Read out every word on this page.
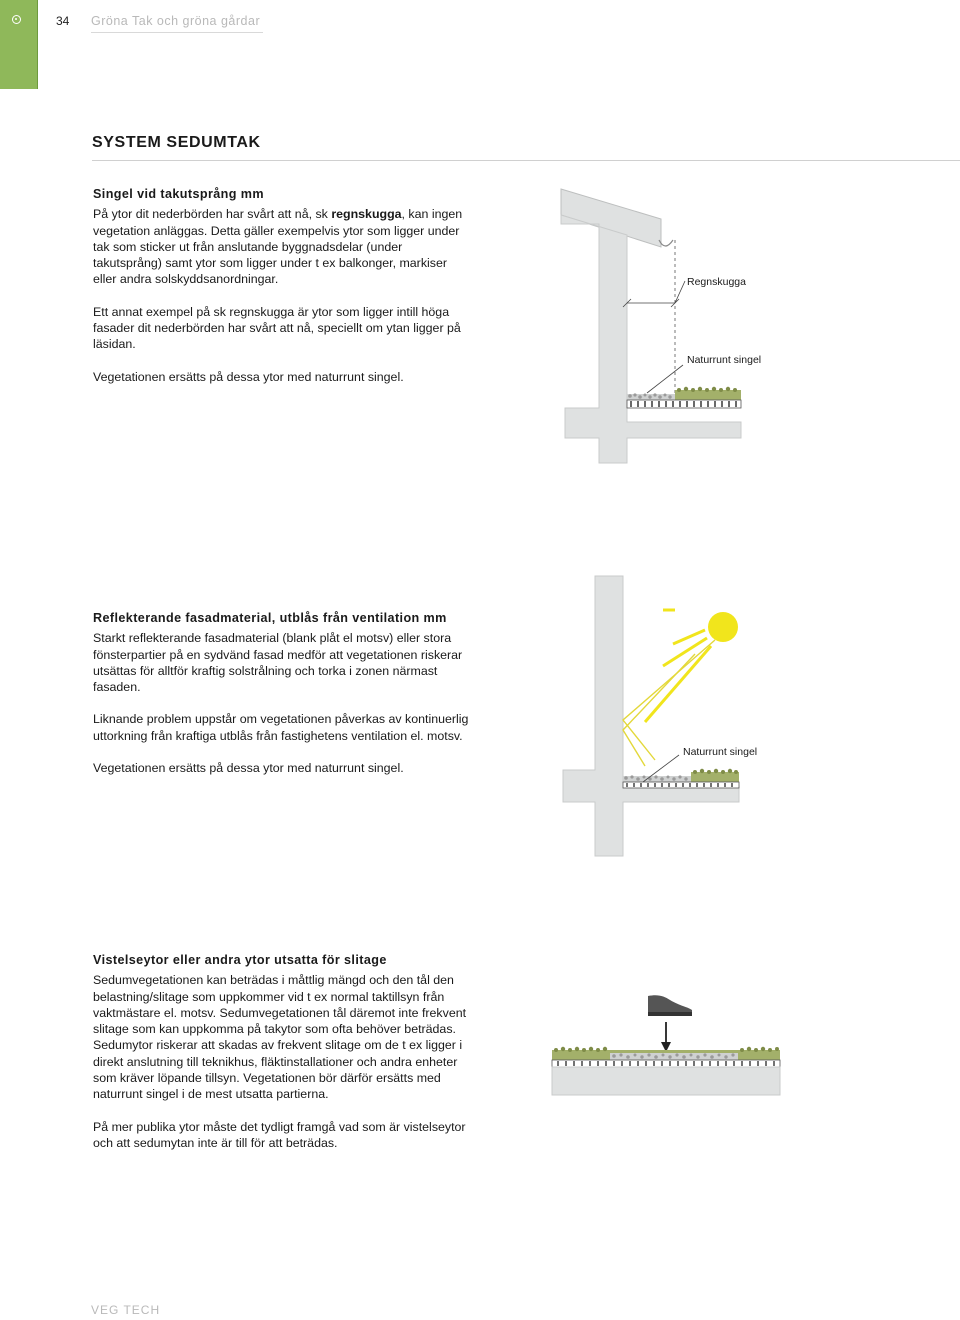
34 Gröna Tak och gröna gårdar
SYSTEM SEDUMTAK
Singel vid takutsprång mm

På ytor dit nederbörden har svårt att nå, sk regnskugga, kan ingen vegetation anläggas. Detta gäller exempelvis ytor som ligger under tak som sticker ut från anslutande byggnadsdelar (under takutsprång) samt ytor som ligger under t ex balkonger, markiser eller andra solskyddsanordningar.

Ett annat exempel på sk regnskugga är ytor som ligger intill höga fasader dit nederbörden har svårt att nå, speciellt om ytan ligger på läsidan.

Vegetationen ersätts på dessa ytor med naturrunt singel.

Reflekterande fasadmaterial, utblås från ventilation mm

Starkt reflekterande fasadmaterial (blank plåt el motsv) eller stora fönsterpartier på en sydvänd fasad medför att vegetationen riskerar utsättas för alltför kraftig solstrålning och torka i zonen närmast fasaden.

Liknande problem uppstår om vegetationen påverkas av kontinuerlig uttorkning från kraftiga utblås från fastighetens ventilation el. motsv.

Vegetationen ersätts på dessa ytor med naturrunt singel.

Vistelseytor eller andra ytor utsatta för slitage

Sedumvegetationen kan beträdas i måttlig mängd och den tål den belastning/slitage som uppkommer vid t ex normal taktillsyn från vaktmästare el. motsv. Sedumvegetationen tål däremot inte frekvent slitage som kan uppkomma på takytor som ofta behöver beträdas. Sedumytor riskerar att skadas av frekvent slitage om de t ex ligger i direkt anslutning till teknikhus, fläktinstallationer och andra enheter som kräver löpande tillsyn. Vegetationen bör därför ersätts med naturrunt singel i de mest utsatta partierna.

På mer publika ytor måste det tydligt framgå vad som är vistelseytor och att sedumytan inte är till för att beträdas.

Regnskugga
Naturrunt singel
Naturrunt singel
VEG TECH
